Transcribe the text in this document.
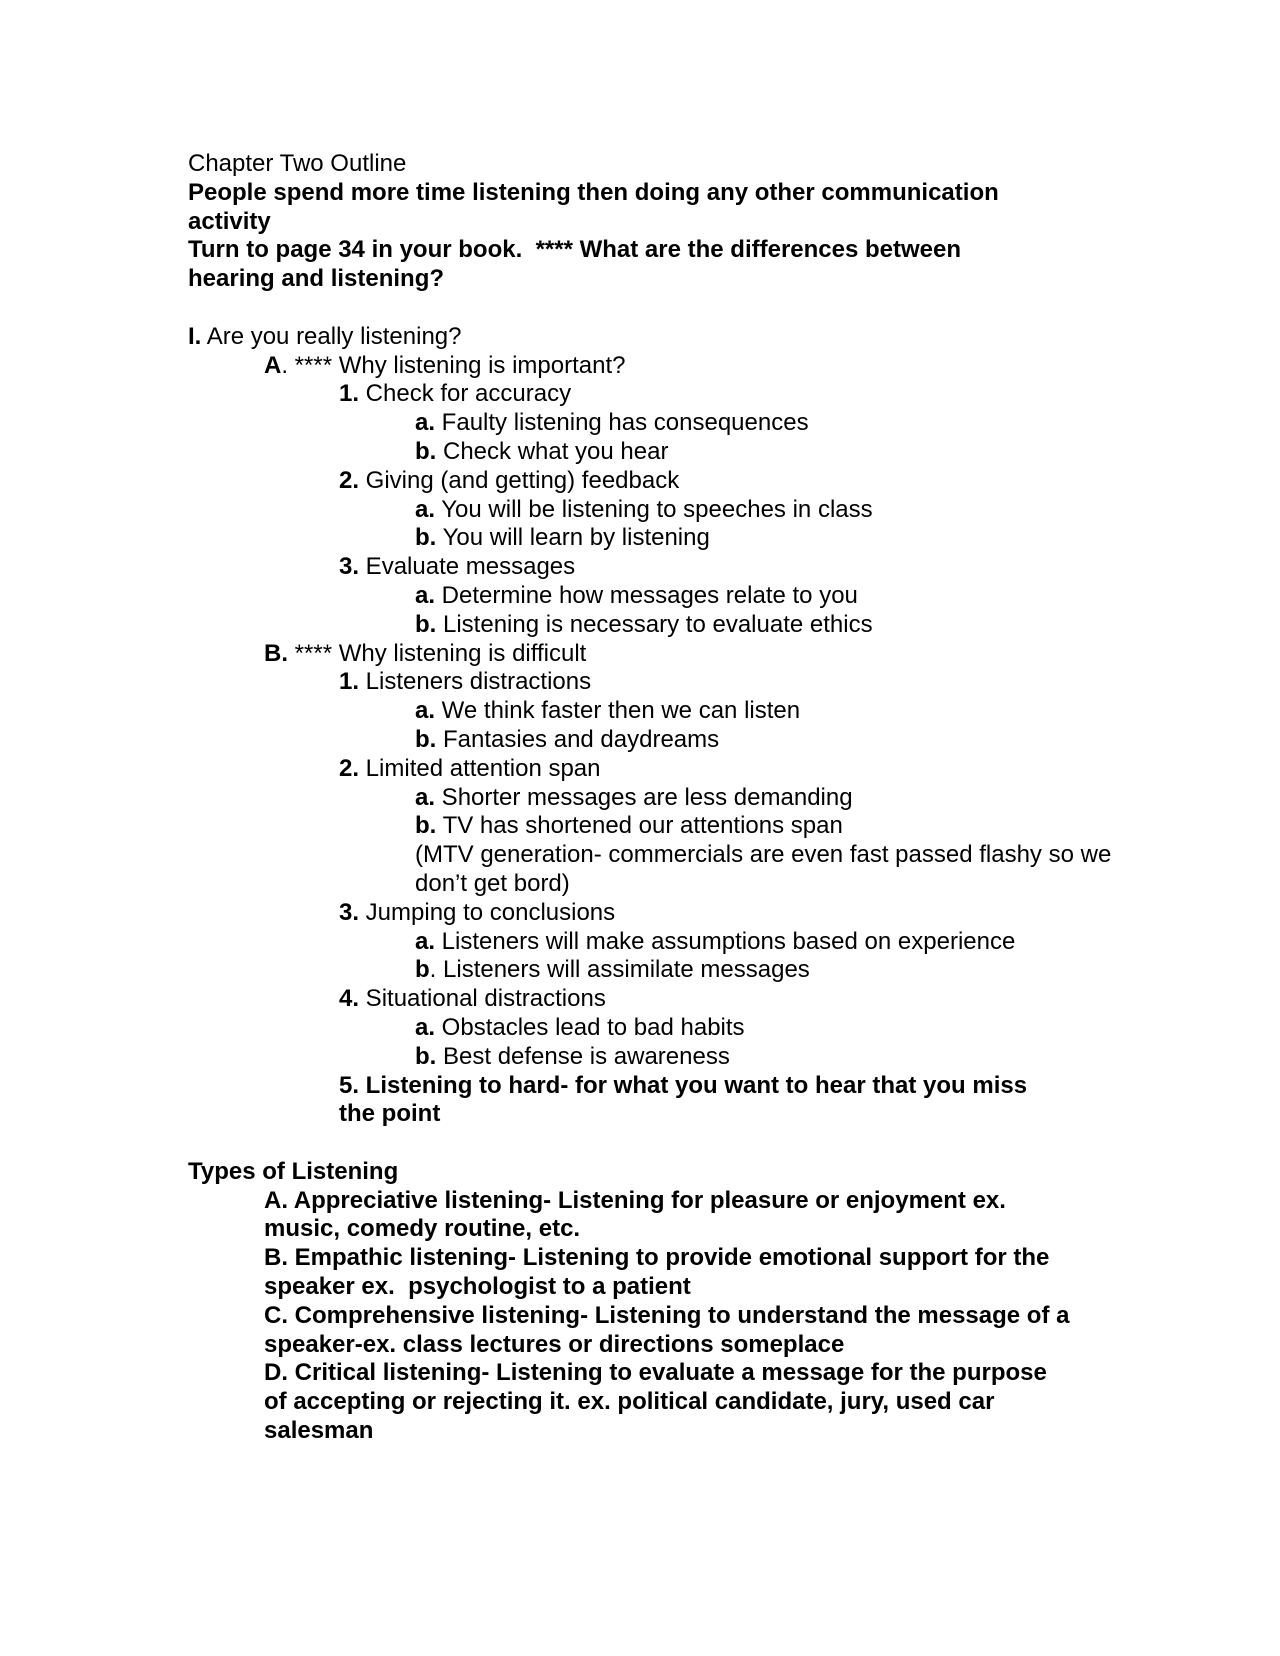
Chapter Two Outline
People spend more time listening then doing any other communication activity
Turn to page 34 in your book.  **** What are the differences between hearing and listening?
I. Are you really listening?
A. **** Why listening is important?
1. Check for accuracy
a. Faulty listening has consequences
b. Check what you hear
2. Giving (and getting) feedback
a. You will be listening to speeches in class
b. You will learn by listening
3. Evaluate messages
a. Determine how messages relate to you
b. Listening is necessary to evaluate ethics
B. **** Why listening is difficult
1. Listeners distractions
a. We think faster then we can listen
b. Fantasies and daydreams
2. Limited attention span
a. Shorter messages are less demanding
b. TV has shortened our attentions span
(MTV generation- commercials are even fast passed flashy so we don’t get bord)
3. Jumping to conclusions
a. Listeners will make assumptions based on experience
b. Listeners will assimilate messages
4. Situational distractions
a. Obstacles lead to bad habits
b. Best defense is awareness
5. Listening to hard- for what you want to hear that you miss the point
Types of Listening
A. Appreciative listening- Listening for pleasure or enjoyment ex. music, comedy routine, etc.
B. Empathic listening- Listening to provide emotional support for the speaker ex.  psychologist to a patient
C. Comprehensive listening- Listening to understand the message of a speaker-ex. class lectures or directions someplace
D. Critical listening- Listening to evaluate a message for the purpose of accepting or rejecting it. ex. political candidate, jury, used car salesman
